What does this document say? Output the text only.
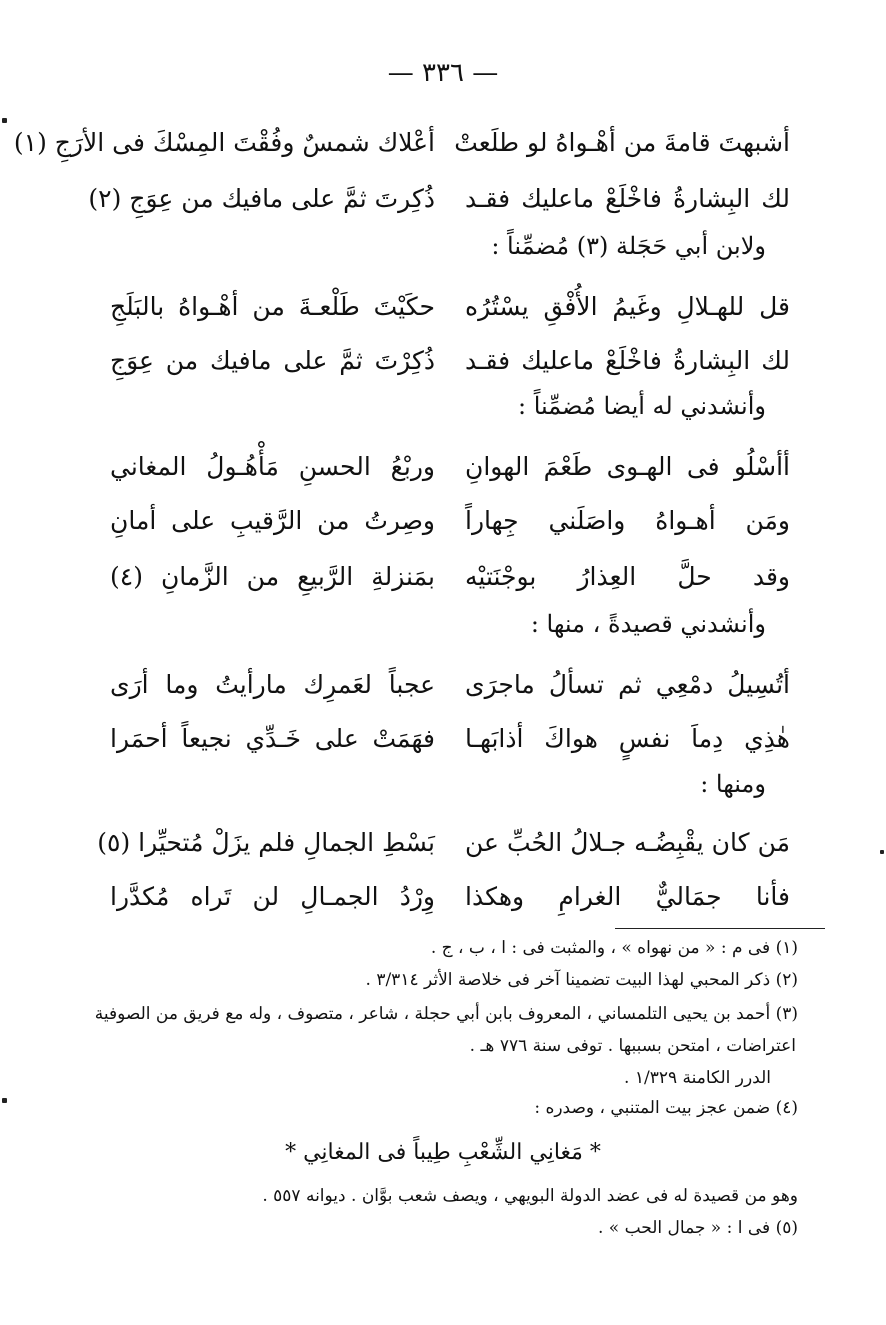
— ٣٣٦ —
أشبهتَ قامةَ من أهْـواهُ لو طلَعتْ
أعْلاك شمسٌ وفُقْتَ المِسْكَ فى الأرَجِ (١)
لك البِشارةُ فاخْلَعْ ماعليك فقـد
ذُكِرتَ ثمَّ على مافيك من عِوَجِ (٢)
ولابن أبي حَجَلة (٣) مُضمِّناً :
قل للهـلالِ وغَيمُ الأُفْقِ يسْتُرُه
حكَيْتَ طَلْعـةَ من أهْـواهُ بالبَلَجِ
لك البِشارةُ فاخْلَعْ ماعليك فقـد
ذُكِرْتَ ثمَّ على مافيك من عِوَجِ
وأنشدني له أيضا مُضمِّناً :
أأسْلُو فى الهـوى طَعْمَ الهوانِ
وربْعُ الحسنِ مَأْهُـولُ المغاني
ومَن أهـواهُ واصَلَني جِهاراً
وصِرتُ من الرَّقيبِ على أمانِ
وقد حلَّ العِذارُ بوجْنَتيْه
بمَنزلةِ الرَّبيعِ من الزَّمانِ (٤)
وأنشدني قصيدةً ، منها :
أتُسِيلُ دمْعِي ثم تسألُ ماجرَى
عجباً لعَمرِك مارأيتُ وما أرَى
هٰذِي دِماَ نفسٍ هواكَ أذابَهـا
فهَمَتْ على خَـدِّي نجيعاً أحمَرا
ومنها :
مَن كان يقْبِضُـه جـلالُ الحُبِّ عن
بَسْطِ الجمالِ فلم يزَلْ مُتحيِّرا (٥)
فأنا جمَاليٌّ الغرامِ وهكذا
وِرْدُ الجمـالِ لن تَراه مُكدَّرا
(١) فى م : « من نهواه » ، والمثبت فى : ا ، ب ، ج .
(٢) ذكر المحبي لهذا البيت تضمينا آخر فى خلاصة الأثر ٣/٣١٤ .
(٣) أحمد بن يحيى التلمساني ، المعروف بابن أبي حجلة ، شاعر ، متصوف ، وله مع فريق من الصوفية
اعتراضات ، امتحن بسببها . توفى سنة ٧٧٦ هـ .
الدرر الكامنة ١/٣٢٩ .
(٤) ضمن عجز بيت المتنبي ، وصدره :
* مَغانِي الشِّعْبِ طِيباً فى المغانِي *
وهو من قصيدة له فى عضد الدولة البويهي ، ويصف شعب بوَّان . ديوانه ٥٥٧ .
(٥) فى ا : « جمال الحب » .
